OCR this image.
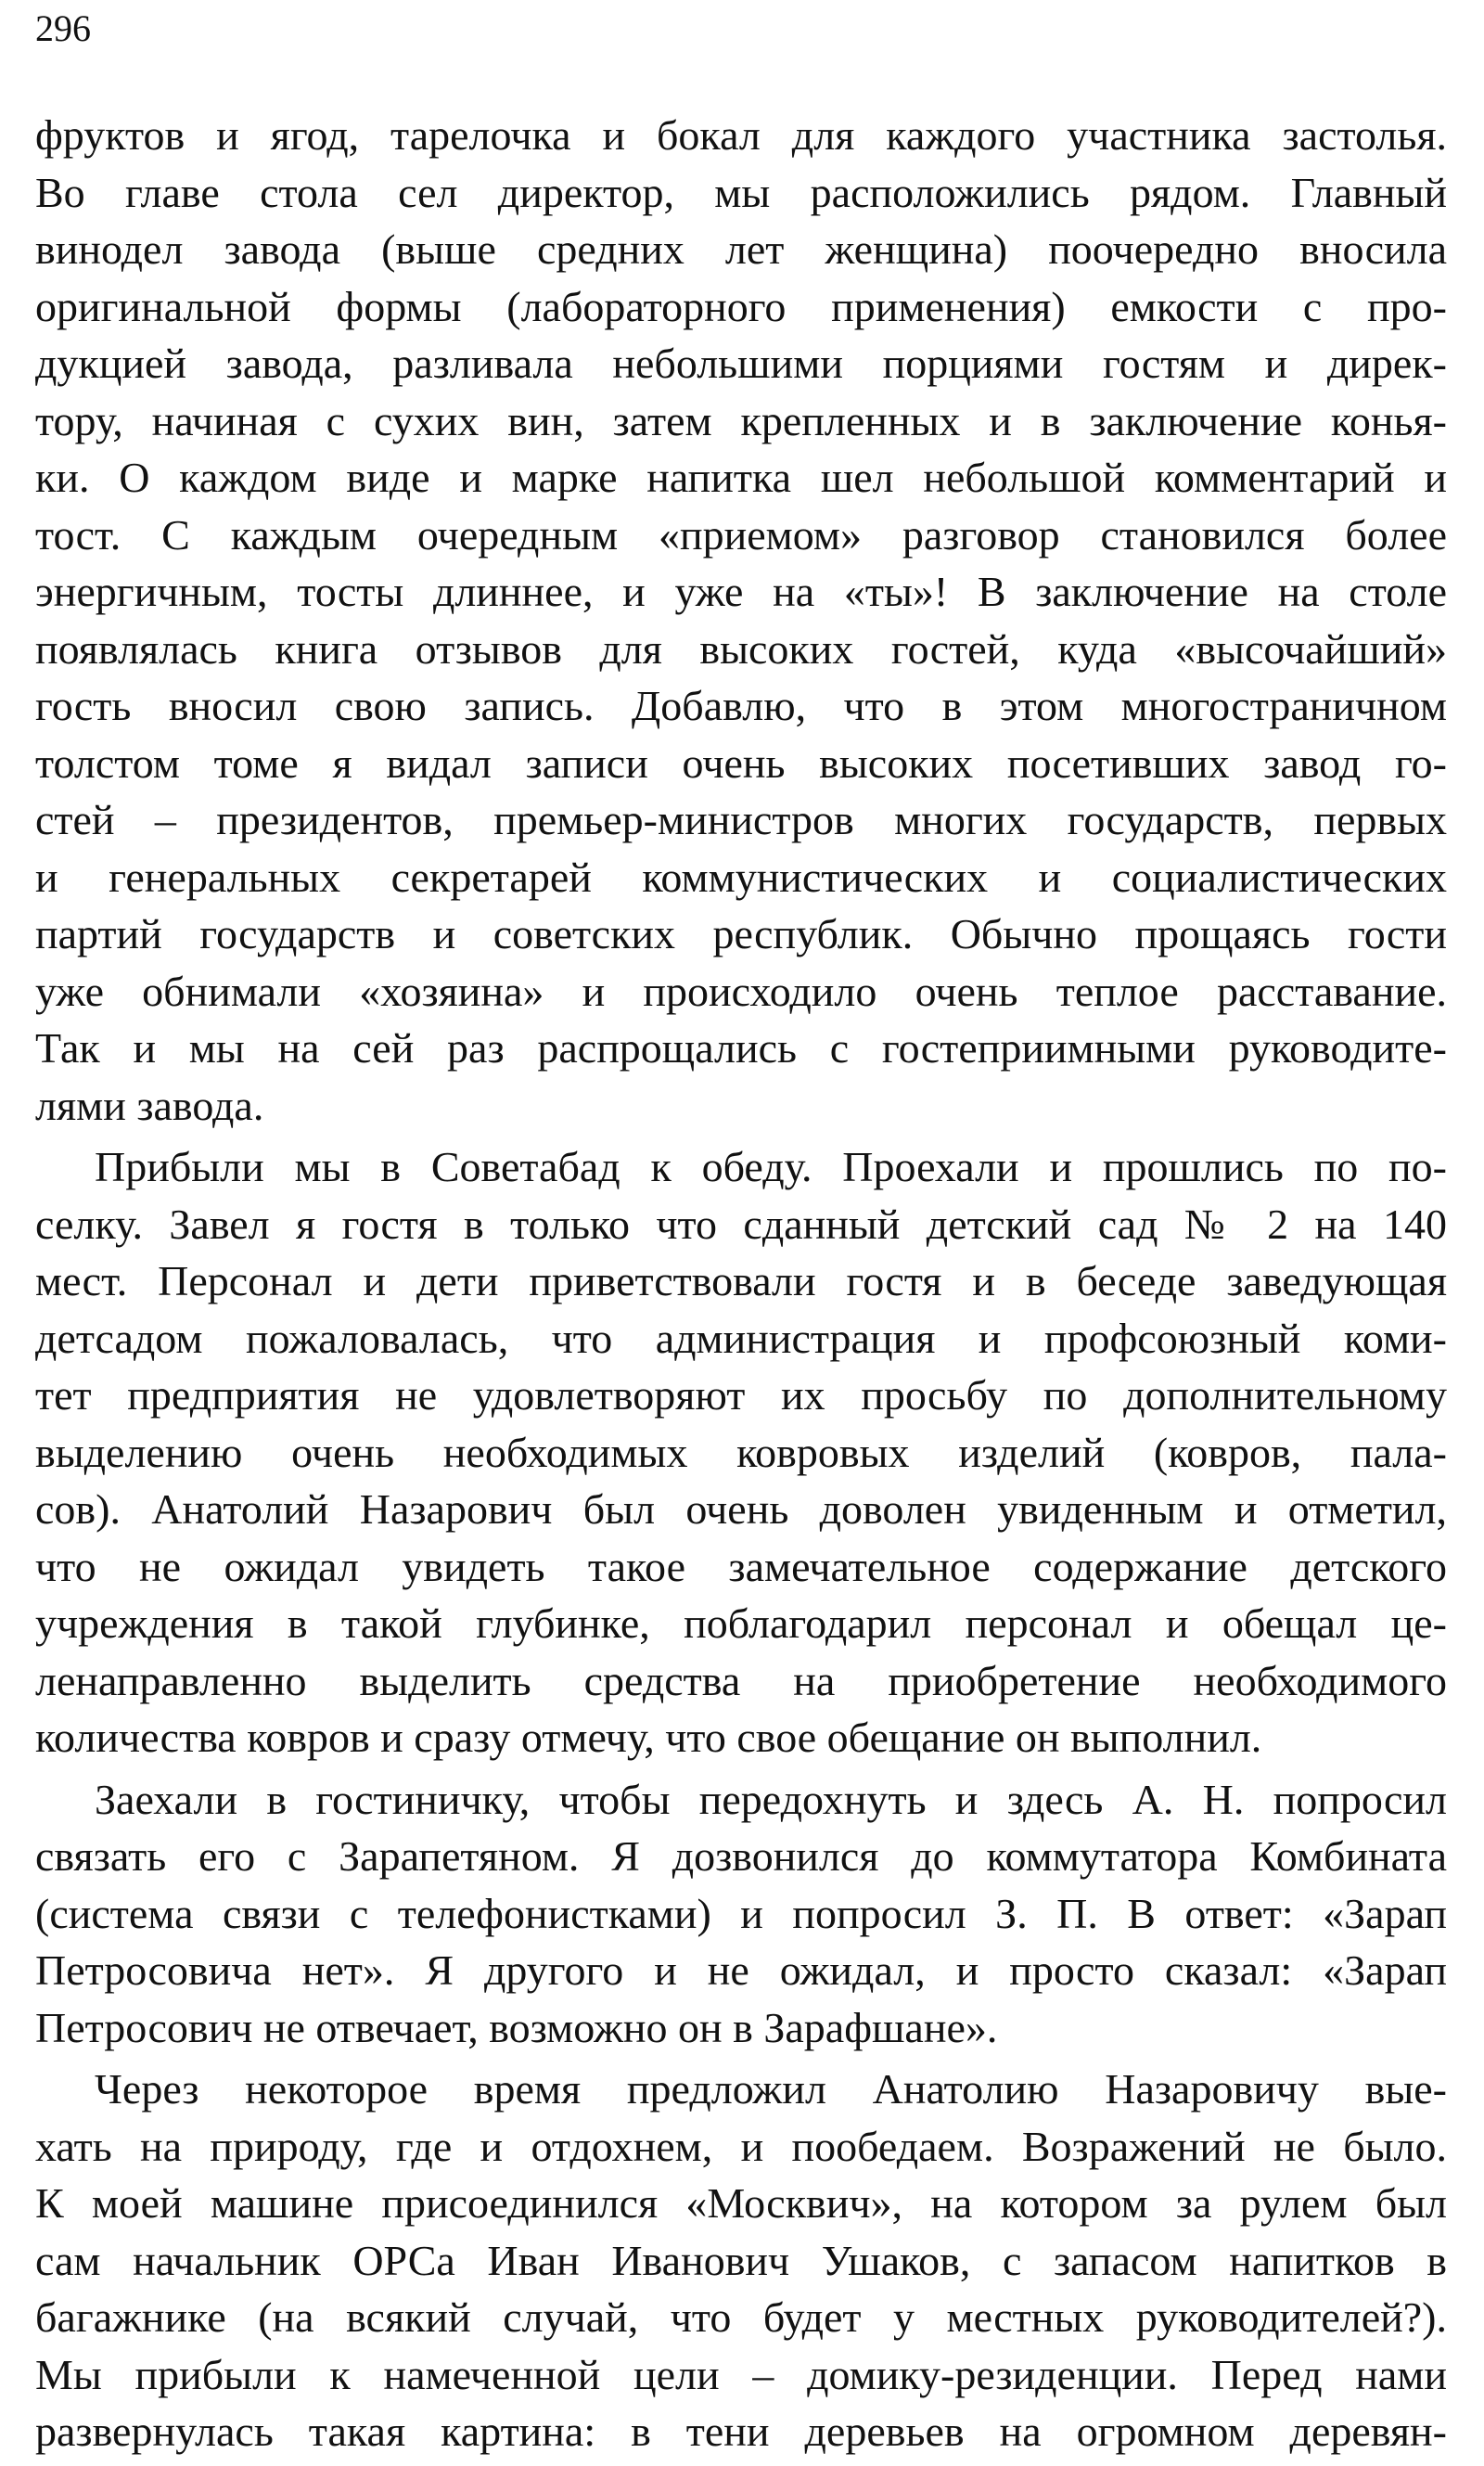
296
фруктов и ягод, тарелочка и бокал для каждого участника застолья.
Во главе стола сел директор, мы расположились рядом. Главный
винодел завода (выше средних лет женщина) поочередно вносила
оригинальной формы (лабораторного применения) емкости с про-
дукцией завода, разливала небольшими порциями гостям и дирек-
тору, начиная с сухих вин, затем крепленных и в заключение конья-
ки. О каждом виде и марке напитка шел небольшой комментарий и
тост. С каждым очередным «приемом» разговор становился более
энергичным, тосты длиннее, и уже на «ты»! В заключение на столе
появлялась книга отзывов для высоких гостей, куда «высочайший»
гость вносил свою запись. Добавлю, что в этом многостраничном
толстом томе я видал записи очень высоких посетивших завод го-
стей – президентов, премьер-министров многих государств, первых
и генеральных секретарей коммунистических и социалистических
партий государств и советских республик. Обычно прощаясь гости
уже обнимали «хозяина» и происходило очень теплое расставание.
Так и мы на сей раз распрощались с гостеприимными руководите-
лями завода.
Прибыли мы в Советабад к обеду. Проехали и прошлись по по-
селку. Завел я гостя в только что сданный детский сад № 2 на 140
мест. Персонал и дети приветствовали гостя и в беседе заведующая
детсадом пожаловалась, что администрация и профсоюзный коми-
тет предприятия не удовлетворяют их просьбу по дополнительному
выделению очень необходимых ковровых изделий (ковров, пала-
сов). Анатолий Назарович был очень доволен увиденным и отметил,
что не ожидал увидеть такое замечательное содержание детского
учреждения в такой глубинке, поблагодарил персонал и обещал це-
ленаправленно выделить средства на приобретение необходимого
количества ковров и сразу отмечу, что свое обещание он выполнил.
Заехали в гостиничку, чтобы передохнуть и здесь А. Н. попросил
связать его с Зарапетяном. Я дозвонился до коммутатора Комбината
(система связи с телефонистками) и попросил З. П. В ответ: «Зарап
Петросовича нет». Я другого и не ожидал, и просто сказал: «Зарап
Петросович не отвечает, возможно он в Зарафшане».
Через некоторое время предложил Анатолию Назаровичу вые-
хать на природу, где и отдохнем, и пообедаем. Возражений не было.
К моей машине присоединился «Москвич», на котором за рулем был
сам начальник ОРСа Иван Иванович Ушаков, с запасом напитков в
багажнике (на всякий случай, что будет у местных руководителей?).
Мы прибыли к намеченной цели – домику-резиденции. Перед нами
развернулась такая картина: в тени деревьев на огромном деревян-
